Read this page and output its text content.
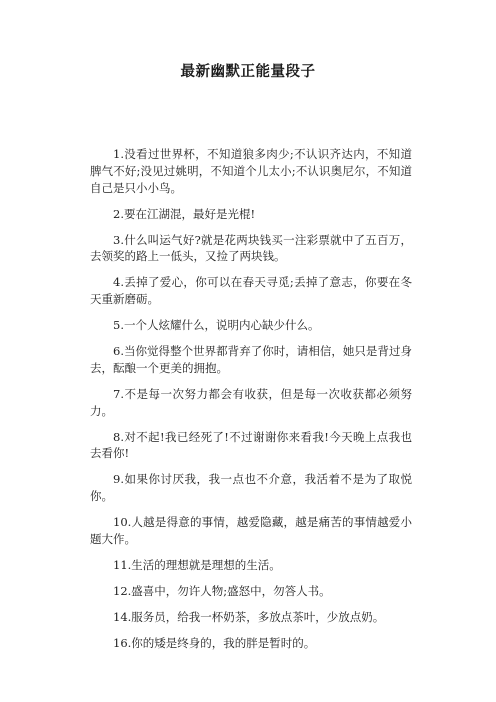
最新幽默正能量段子

1.没看过世界杯，不知道狼多肉少;不认识齐达内，不知道脾气不好;没见过姚明，不知道个儿太小;不认识奥尼尔，不知道自己是只小小鸟。

2.要在江湖混，最好是光棍!

3.什么叫运气好?就是花两块钱买一注彩票就中了五百万，去领奖的路上一低头，又捡了两块钱。

4.丢掉了爱心，你可以在春天寻觅;丢掉了意志，你要在冬天重新磨砺。

5.一个人炫耀什么，说明内心缺少什么。

6.当你觉得整个世界都背弃了你时，请相信，她只是背过身去，酝酿一个更美的拥抱。

7.不是每一次努力都会有收获，但是每一次收获都必须努力。

8.对不起!我已经死了!不过谢谢你来看我!今天晚上点我也去看你!

9.如果你讨厌我，我一点也不介意，我活着不是为了取悦你。

10.人越是得意的事情，越爱隐藏，越是痛苦的事情越爱小题大作。

11.生活的理想就是理想的生活。

12.盛喜中，勿许人物;盛怒中，勿答人书。

14.服务员，给我一杯奶茶，多放点茶叶，少放点奶。

16.你的矮是终身的，我的胖是暂时的。
